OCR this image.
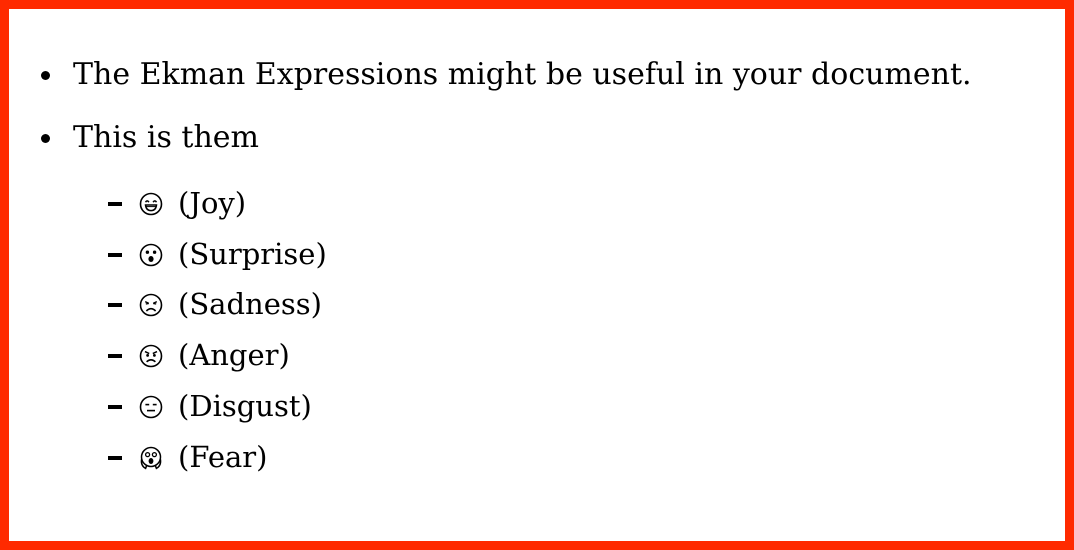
The Ekman Expressions might be useful in your document.
This is them
(Joy)
(Surprise)
(Sadness)
(Anger)
(Disgust)
(Fear)
